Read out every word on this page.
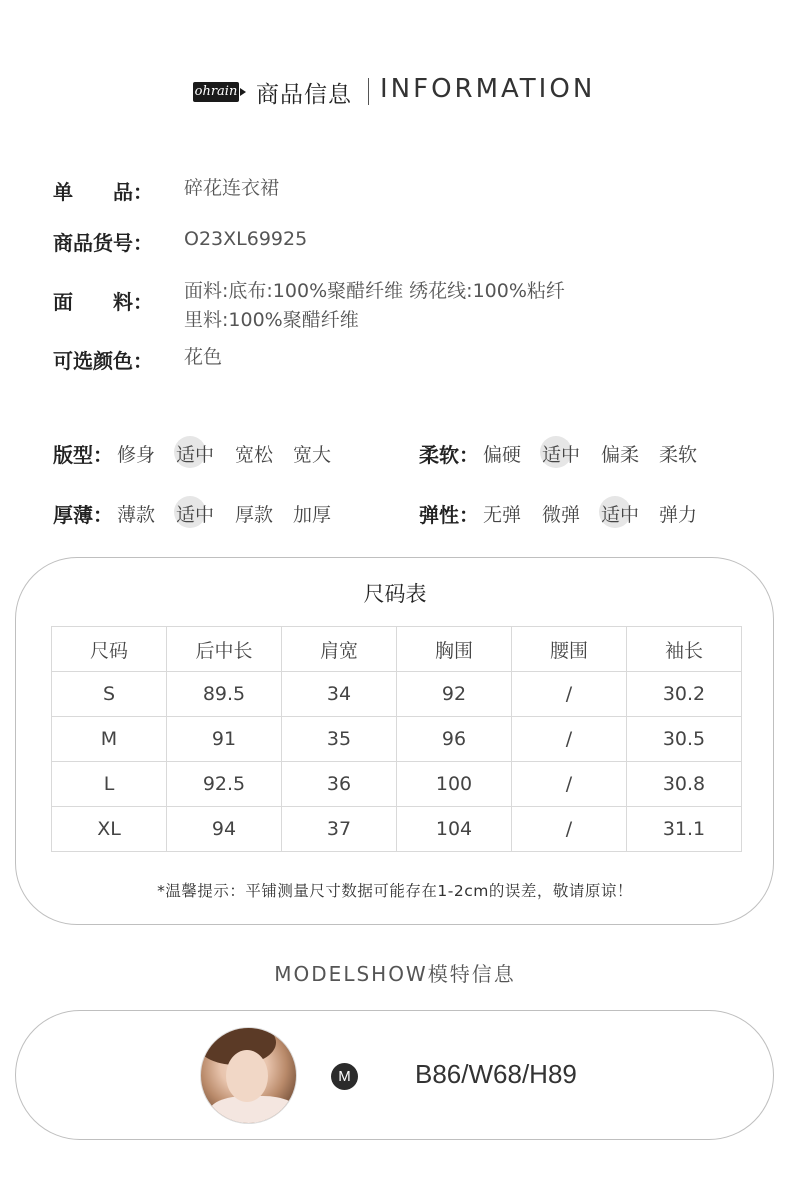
ohrain 商品信息 INFORMATION
单　　品： 碎花连衣裙
商品货号： O23XL69925
面　　料： 面料:底布:100%聚醋纤维 绣花线:100%粘纤
里料:100%聚醋纤维
可选颜色： 花色
版型： 修身 适中 宽松 宽大	柔软： 偏硬 适中 偏柔 柔软
厚薄： 薄款 适中 厚款 加厚	弹性： 无弹 微弹 适中 弹力
尺码表
尺码	后中长	肩宽	胸围	腰围	袖长
S	89.5	34	92	/	30.2
M	91	35	96	/	30.5
L	92.5	36	100	/	30.8
XL	94	37	104	/	31.1
*温馨提示：平铺测量尺寸数据可能存在1-2cm的误差，敬请原谅！
MODELSHOW模特信息
M B86/W68/H89
